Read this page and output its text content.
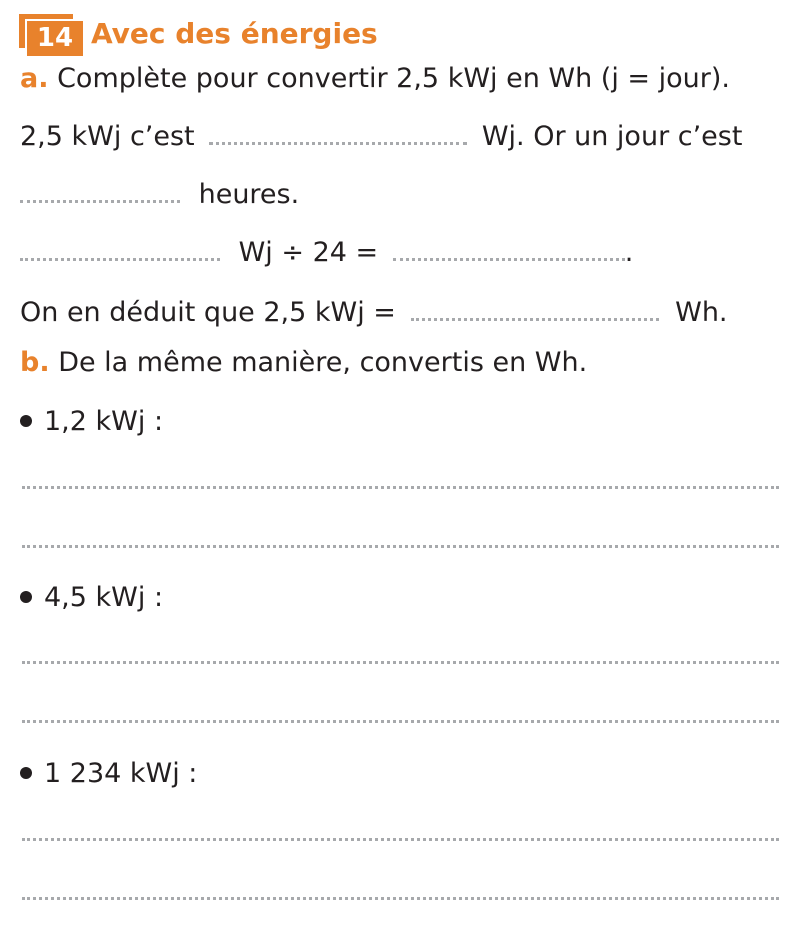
14 Avec des énergies
a. Complète pour convertir 2,5 kWj en Wh (j = jour).
2,5 kWj c’est	Wj. Or un jour c’est
heures.
Wj ÷ 24 =	.
On en déduit que 2,5 kWj =	Wh.
b. De la même manière, convertis en Wh.
1,2 kWj :
4,5 kWj :
1 234 kWj :
